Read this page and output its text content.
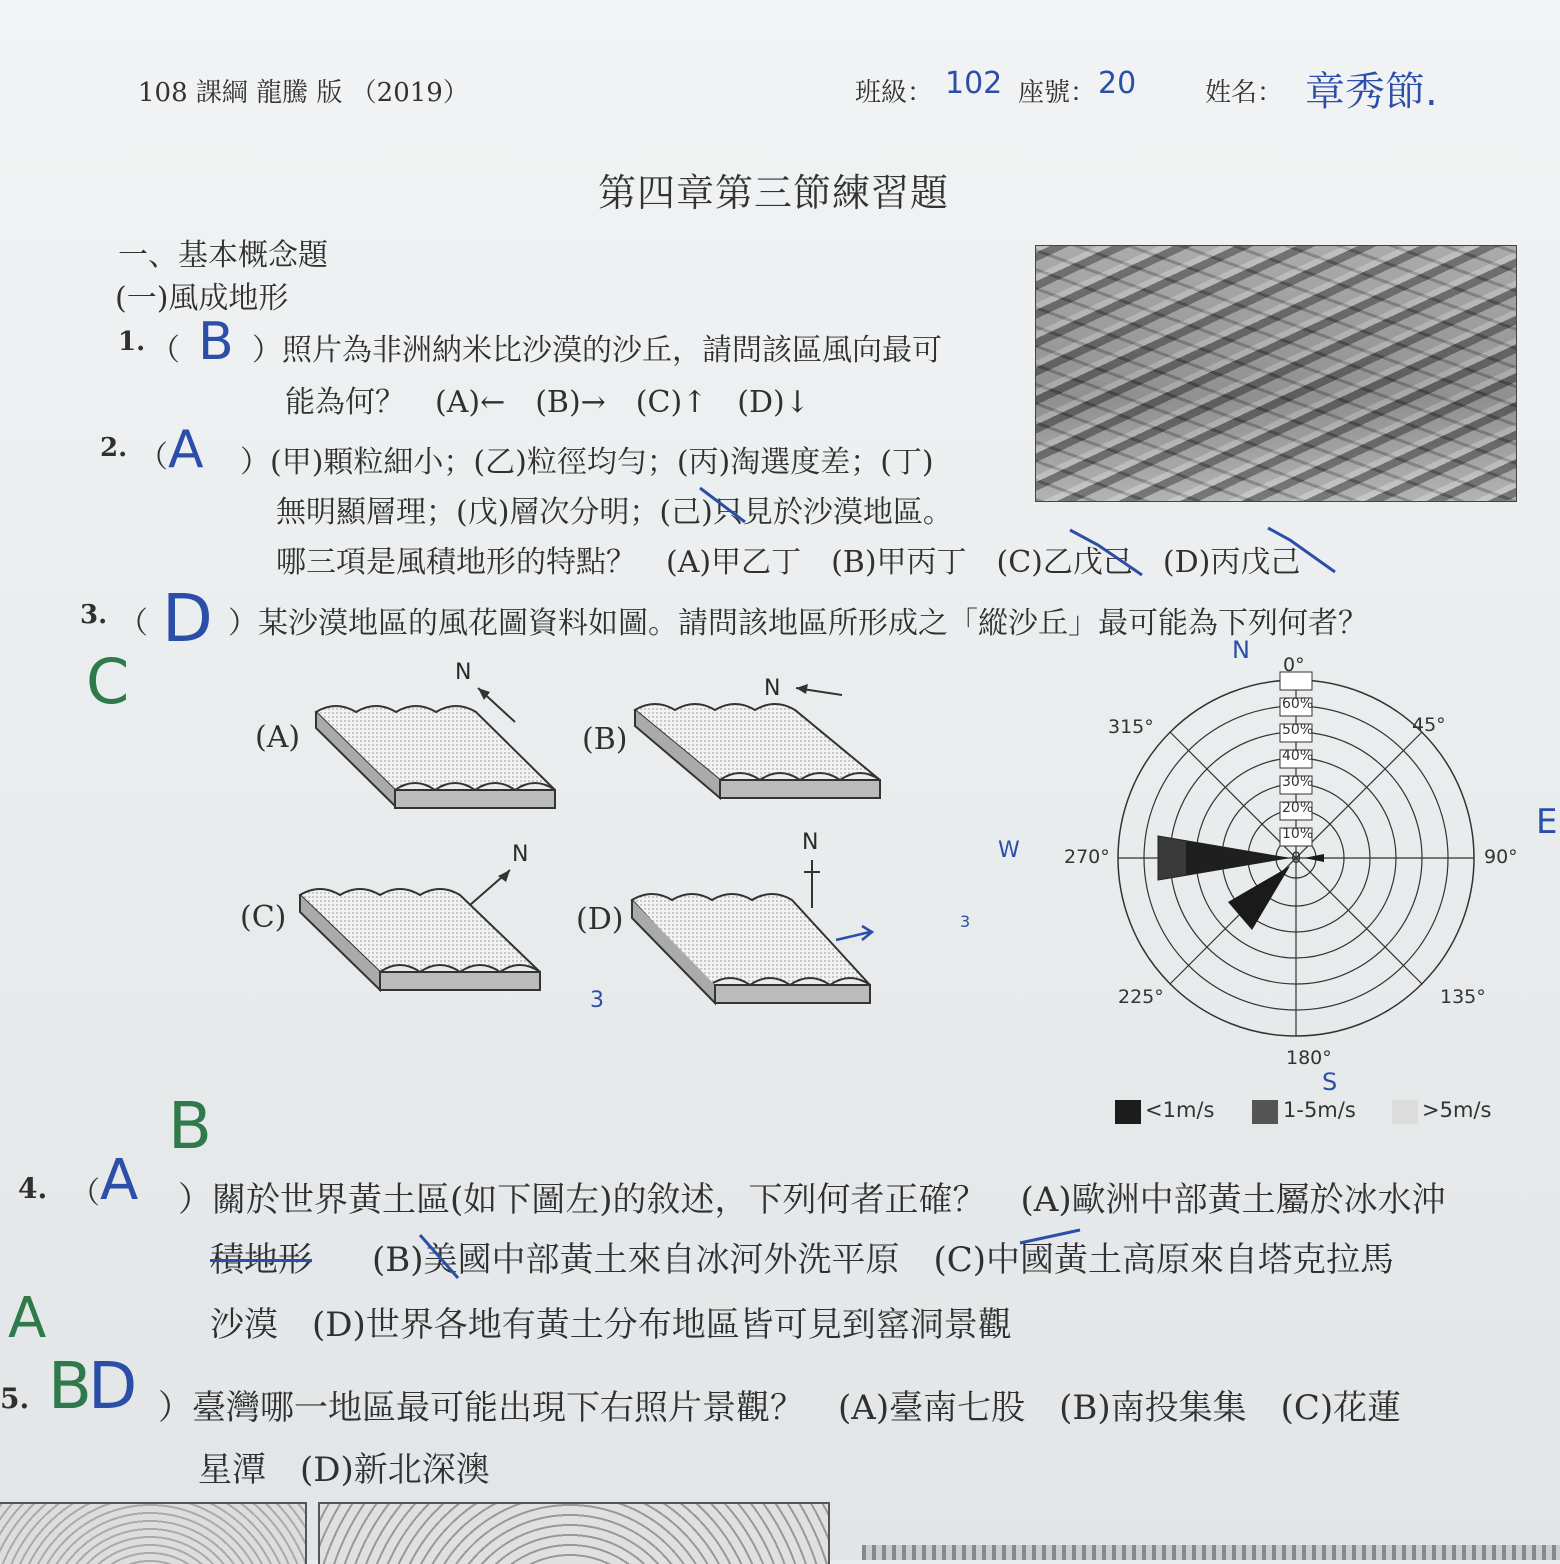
108 課綱 龍騰 版 （2019）	班級： 102 座號： 20	姓名： 章秀節.
第四章第三節練習題
一、基本概念題
(一)風成地形
1. （ B ）照片為非洲納米比沙漠的沙丘，請問該區風向最可
能為何？　(A)←　(B)→　(C)↑　(D)↓
2. （ A ）(甲)顆粒細小；(乙)粒徑均勻；(丙)淘選度差；(丁)
無明顯層理；(戊)層次分明；(己)只見於沙漠地區。
哪三項是風積地形的特點？　(A)甲乙丁　(B)甲丙丁　(C)乙戊己　(D)丙戊己
3. （ D
C
）某沙漠地區的風花圖資料如圖。請問該地區所形成之「縱沙丘」最可能為下列何者？
N
N
N	N
(A)	(B)
(C)	(D)
3
3
10%
20%
30%
40%
50%
60%
0
0°
45°
90°
135°
180°
225°
270°
315°
N
W
E
S
<1m/s	1-5m/s	>5m/s
B
4. （ A ）關於世界黃土區(如下圖左)的敘述，下列何者正確？　(A)歐洲中部黃土屬於冰水沖
積地形 　(B)美國中部黃土來自冰河外洗平原　(C)中國黃土高原來自塔克拉馬
沙漠　(D)世界各地有黃土分布地區皆可見到窰洞景觀
A
5. B
D ）臺灣哪一地區最可能出現下右照片景觀？　(A)臺南七股　(B)南投集集　(C)花蓮
星潭　(D)新北深澳
